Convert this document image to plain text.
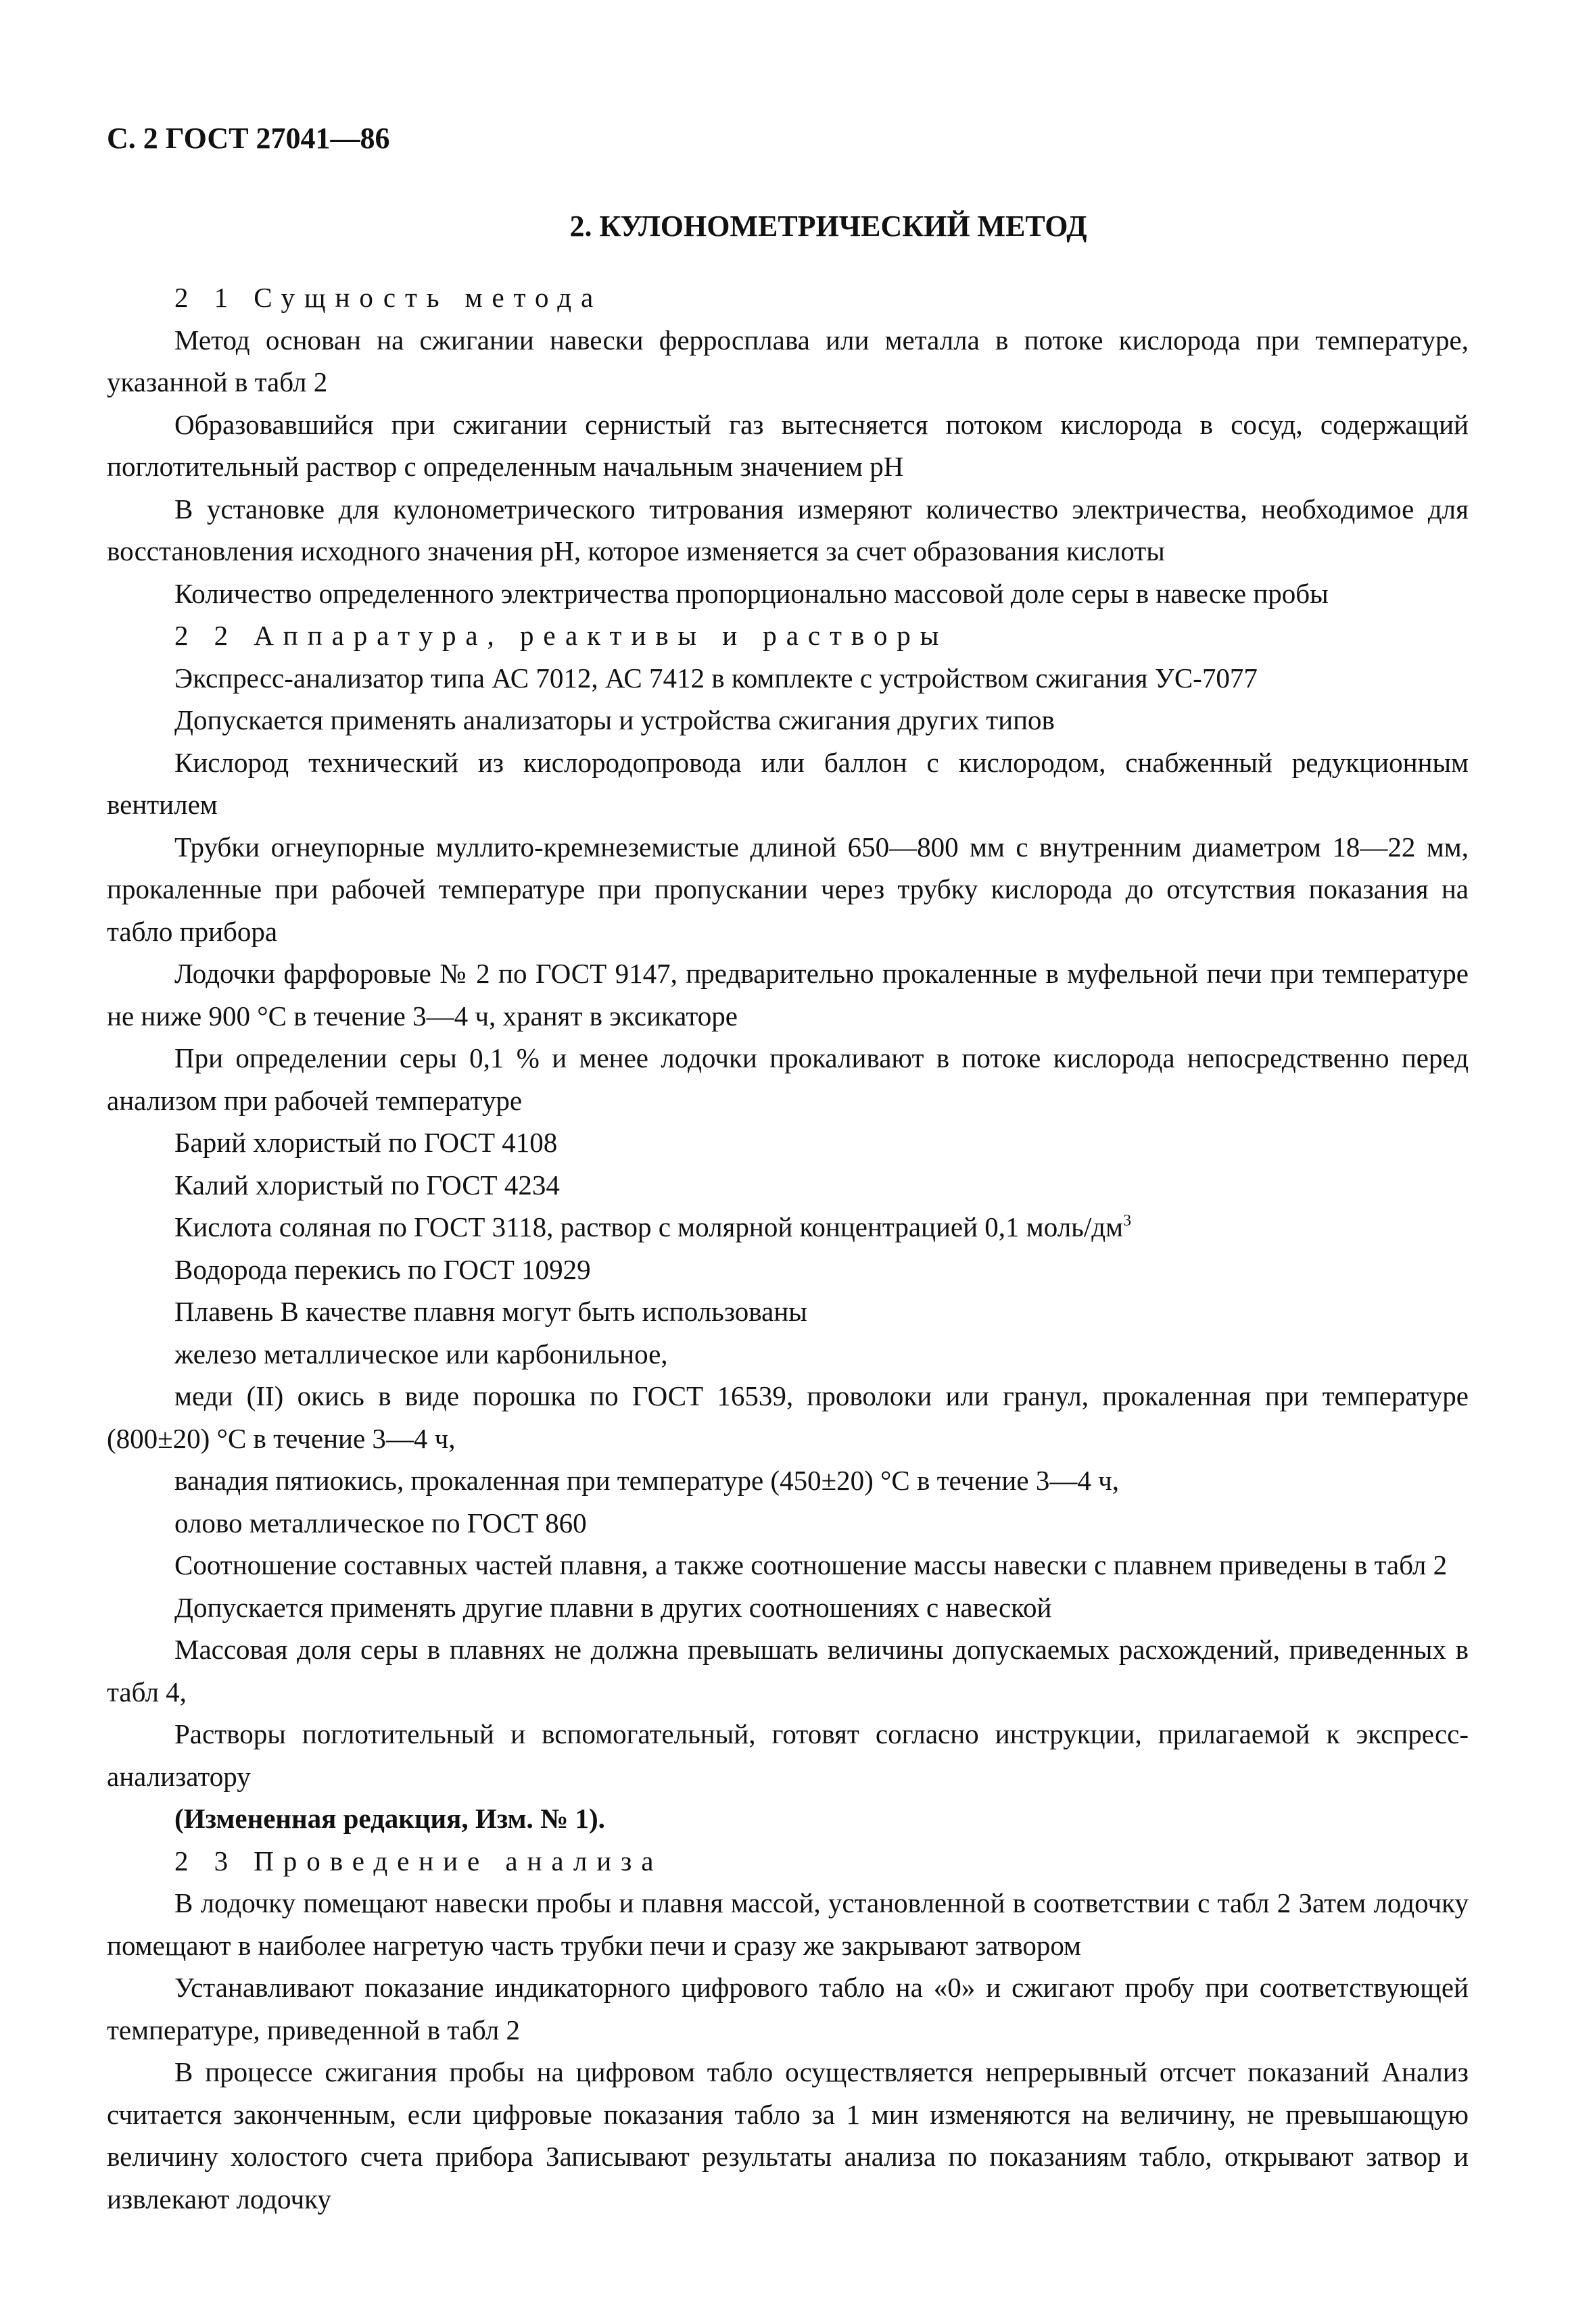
С. 2 ГОСТ 27041—86
2. КУЛОНОМЕТРИЧЕСКИЙ МЕТОД

2 1 Сущность метода

Метод основан на сжигании навески ферросплава или металла в потоке кислорода при температуре, указанной в табл 2

Образовавшийся при сжигании сернистый газ вытесняется потоком кислорода в сосуд, содержащий поглотительный раствор с определенным начальным значением pH

В установке для кулонометрического титрования измеряют количество электричества, необходимое для восстановления исходного значения pH, которое изменяется за счет образования кислоты

Количество определенного электричества пропорционально массовой доле серы в навеске пробы

2 2 Аппаратура, реактивы и растворы

Экспресс-анализатор типа АС 7012, АС 7412 в комплекте с устройством сжигания УС-7077

Допускается применять анализаторы и устройства сжигания других типов

Кислород технический из кислородопровода или баллон с кислородом, снабженный редукционным вентилем

Трубки огнеупорные муллито-кремнеземистые длиной 650—800 мм с внутренним диаметром 18—22 мм, прокаленные при рабочей температуре при пропускании через трубку кислорода до отсутствия показания на табло прибора

Лодочки фарфоровые № 2 по ГОСТ 9147, предварительно прокаленные в муфельной печи при температуре не ниже 900 °С в течение 3—4 ч, хранят в эксикаторе

При определении серы 0,1 % и менее лодочки прокаливают в потоке кислорода непосредственно перед анализом при рабочей температуре

Барий хлористый по ГОСТ 4108

Калий хлористый по ГОСТ 4234

Кислота соляная по ГОСТ 3118, раствор с молярной концентрацией 0,1 моль/$дм^3$

Водорода перекись по ГОСТ 10929

Плавень В качестве плавня могут быть использованы

железо металлическое или карбонильное,

меди (II) окись в виде порошка по ГОСТ 16539, проволоки или гранул, прокаленная при температуре (800±20) °С в течение 3—4 ч,

ванадия пятиокись, прокаленная при температуре (450±20) °С в течение 3—4 ч,

олово металлическое по ГОСТ 860

Соотношение составных частей плавня, а также соотношение массы навески с плавнем приведены в табл 2

Допускается применять другие плавни в других соотношениях с навеской

Массовая доля серы в плавнях не должна превышать величины допускаемых расхождений, приведенных в табл 4,

Растворы поглотительный и вспомогательный, готовят согласно инструкции, прилагаемой к экспресс-анализатору

(Измененная редакция, Изм. № 1).

2 3 Проведение анализа

В лодочку помещают навески пробы и плавня массой, установленной в соответствии с табл 2 Затем лодочку помещают в наиболее нагретую часть трубки печи и сразу же закрывают затвором

Устанавливают показание индикаторного цифрового табло на «0» и сжигают пробу при соответствующей температуре, приведенной в табл 2

В процессе сжигания пробы на цифровом табло осуществляется непрерывный отсчет показаний Анализ считается законченным, если цифровые показания табло за 1 мин изменяются на величину, не превышающую величину холостого счета прибора Записывают результаты анализа по показаниям табло, открывают затвор и извлекают лодочку
